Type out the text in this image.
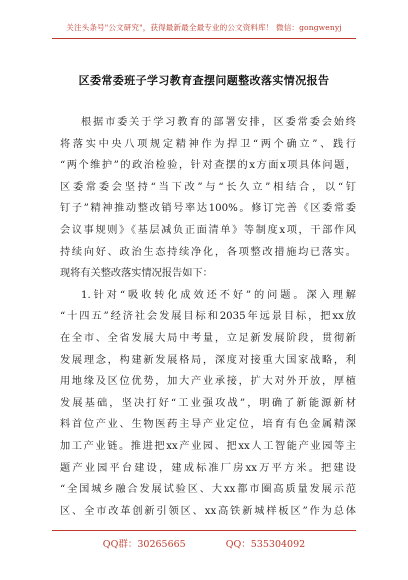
关注头条号"公文研究"，获得最新最全最专业的公文资料库！ 微信：gongwenyj
区委常委班子学习教育查摆问题整改落实情况报告
根据市委关于学习教育的部署安排，区委常委会始终
将落实中央八项规定精神作为捍卫“两个确立”、践行
“两个维护”的政治检验，针对查摆的x方面x项具体问题，
区委常委会坚持“当下改”与“长久立”相结合，以“钉
钉子”精神推动整改销号率达100%。修订完善《区委常委
会议事规则》《基层减负正面清单》等制度x项，干部作风
持续向好、政治生态持续净化，各项整改措施均已落实。
现将有关整改落实情况报告如下：
1.针对“吸收转化成效还不好”的问题。深入理解
“十四五”经济社会发展目标和2035年远景目标，把xx放
在全市、全省发展大局中考量，立足新发展阶段，贯彻新
发展理念，构建新发展格局，深度对接重大国家战略，利
用地缘及区位优势，加大产业承接，扩大对外开放，厚植
发展基础，坚决打好“工业强攻战”，明确了新能源新材
料首位产业、生物医药主导产业定位，培育有色金属精深
加工产业链。推进把xx产业园、把xx人工智能产业园等主
题产业园平台建设，建成标准厂房xx万平方米。把建设
“全国城乡融合发展试验区、大xx都市圈高质量发展示范
区、全市改革创新引领区、xx高铁新城样板区”作为总体
QQ群：30265665	QQ：535304092
